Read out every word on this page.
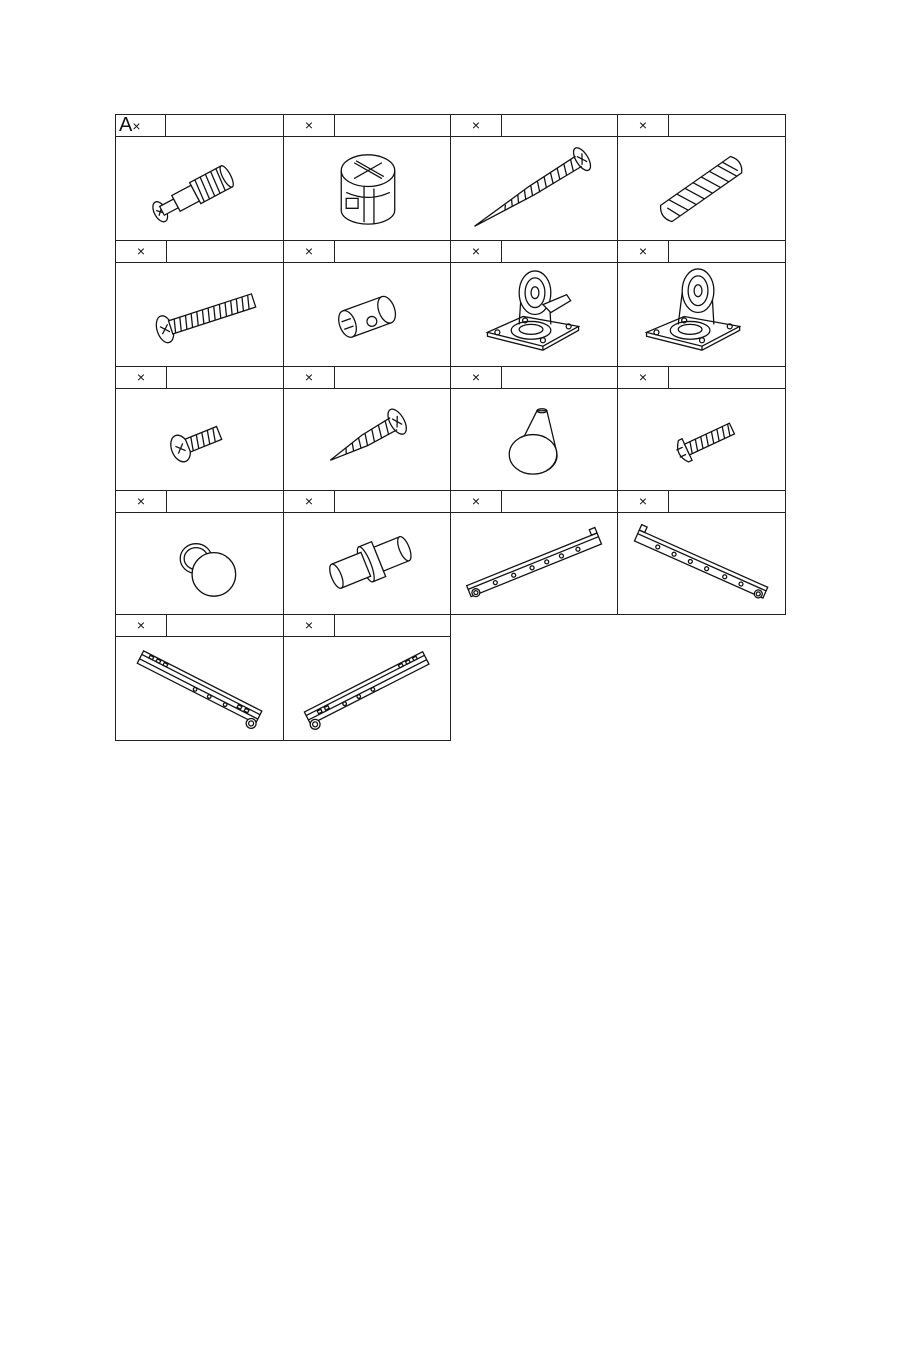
A×	×	×	×
×	×	×	×
×	×	×	×
×	×	×	×
×	×
